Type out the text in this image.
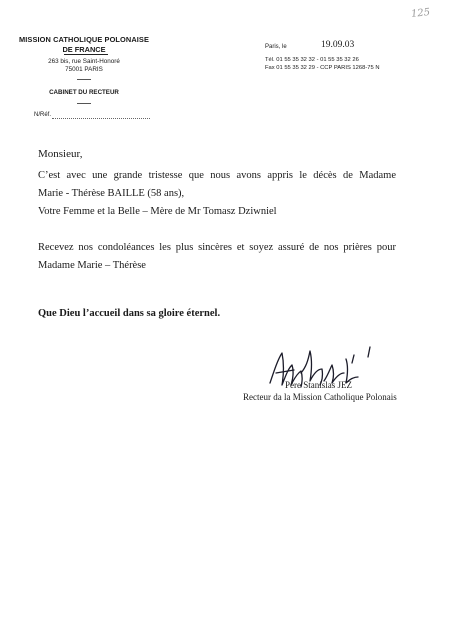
125
MISSION CATHOLIQUE POLONAISE
DE FRANCE
263 bis, rue Saint-Honoré
75001 PARIS
CABINET DU RECTEUR
N/Réf.
Paris, le	19.09.03
Tél. 01 55 35 32 32 - 01 55 35 32 26
Fax 01 55 35 32 29 - CCP PARIS 1268-75 N
Monsieur,
C’est avec une grande tristesse que nous avons appris le décès de Madame
Marie - Thérèse BAILLE (58 ans),
Votre Femme et la Belle – Mère de Mr Tomasz Dziwniel
Recevez nos condoléances les plus sincères et soyez assuré de nos prières pour
Madame Marie – Thérèse
Que Dieu l’accueil dans sa gloire éternel.
Père Stanislas JEZ
Recteur da la Mission Catholique Polonais
